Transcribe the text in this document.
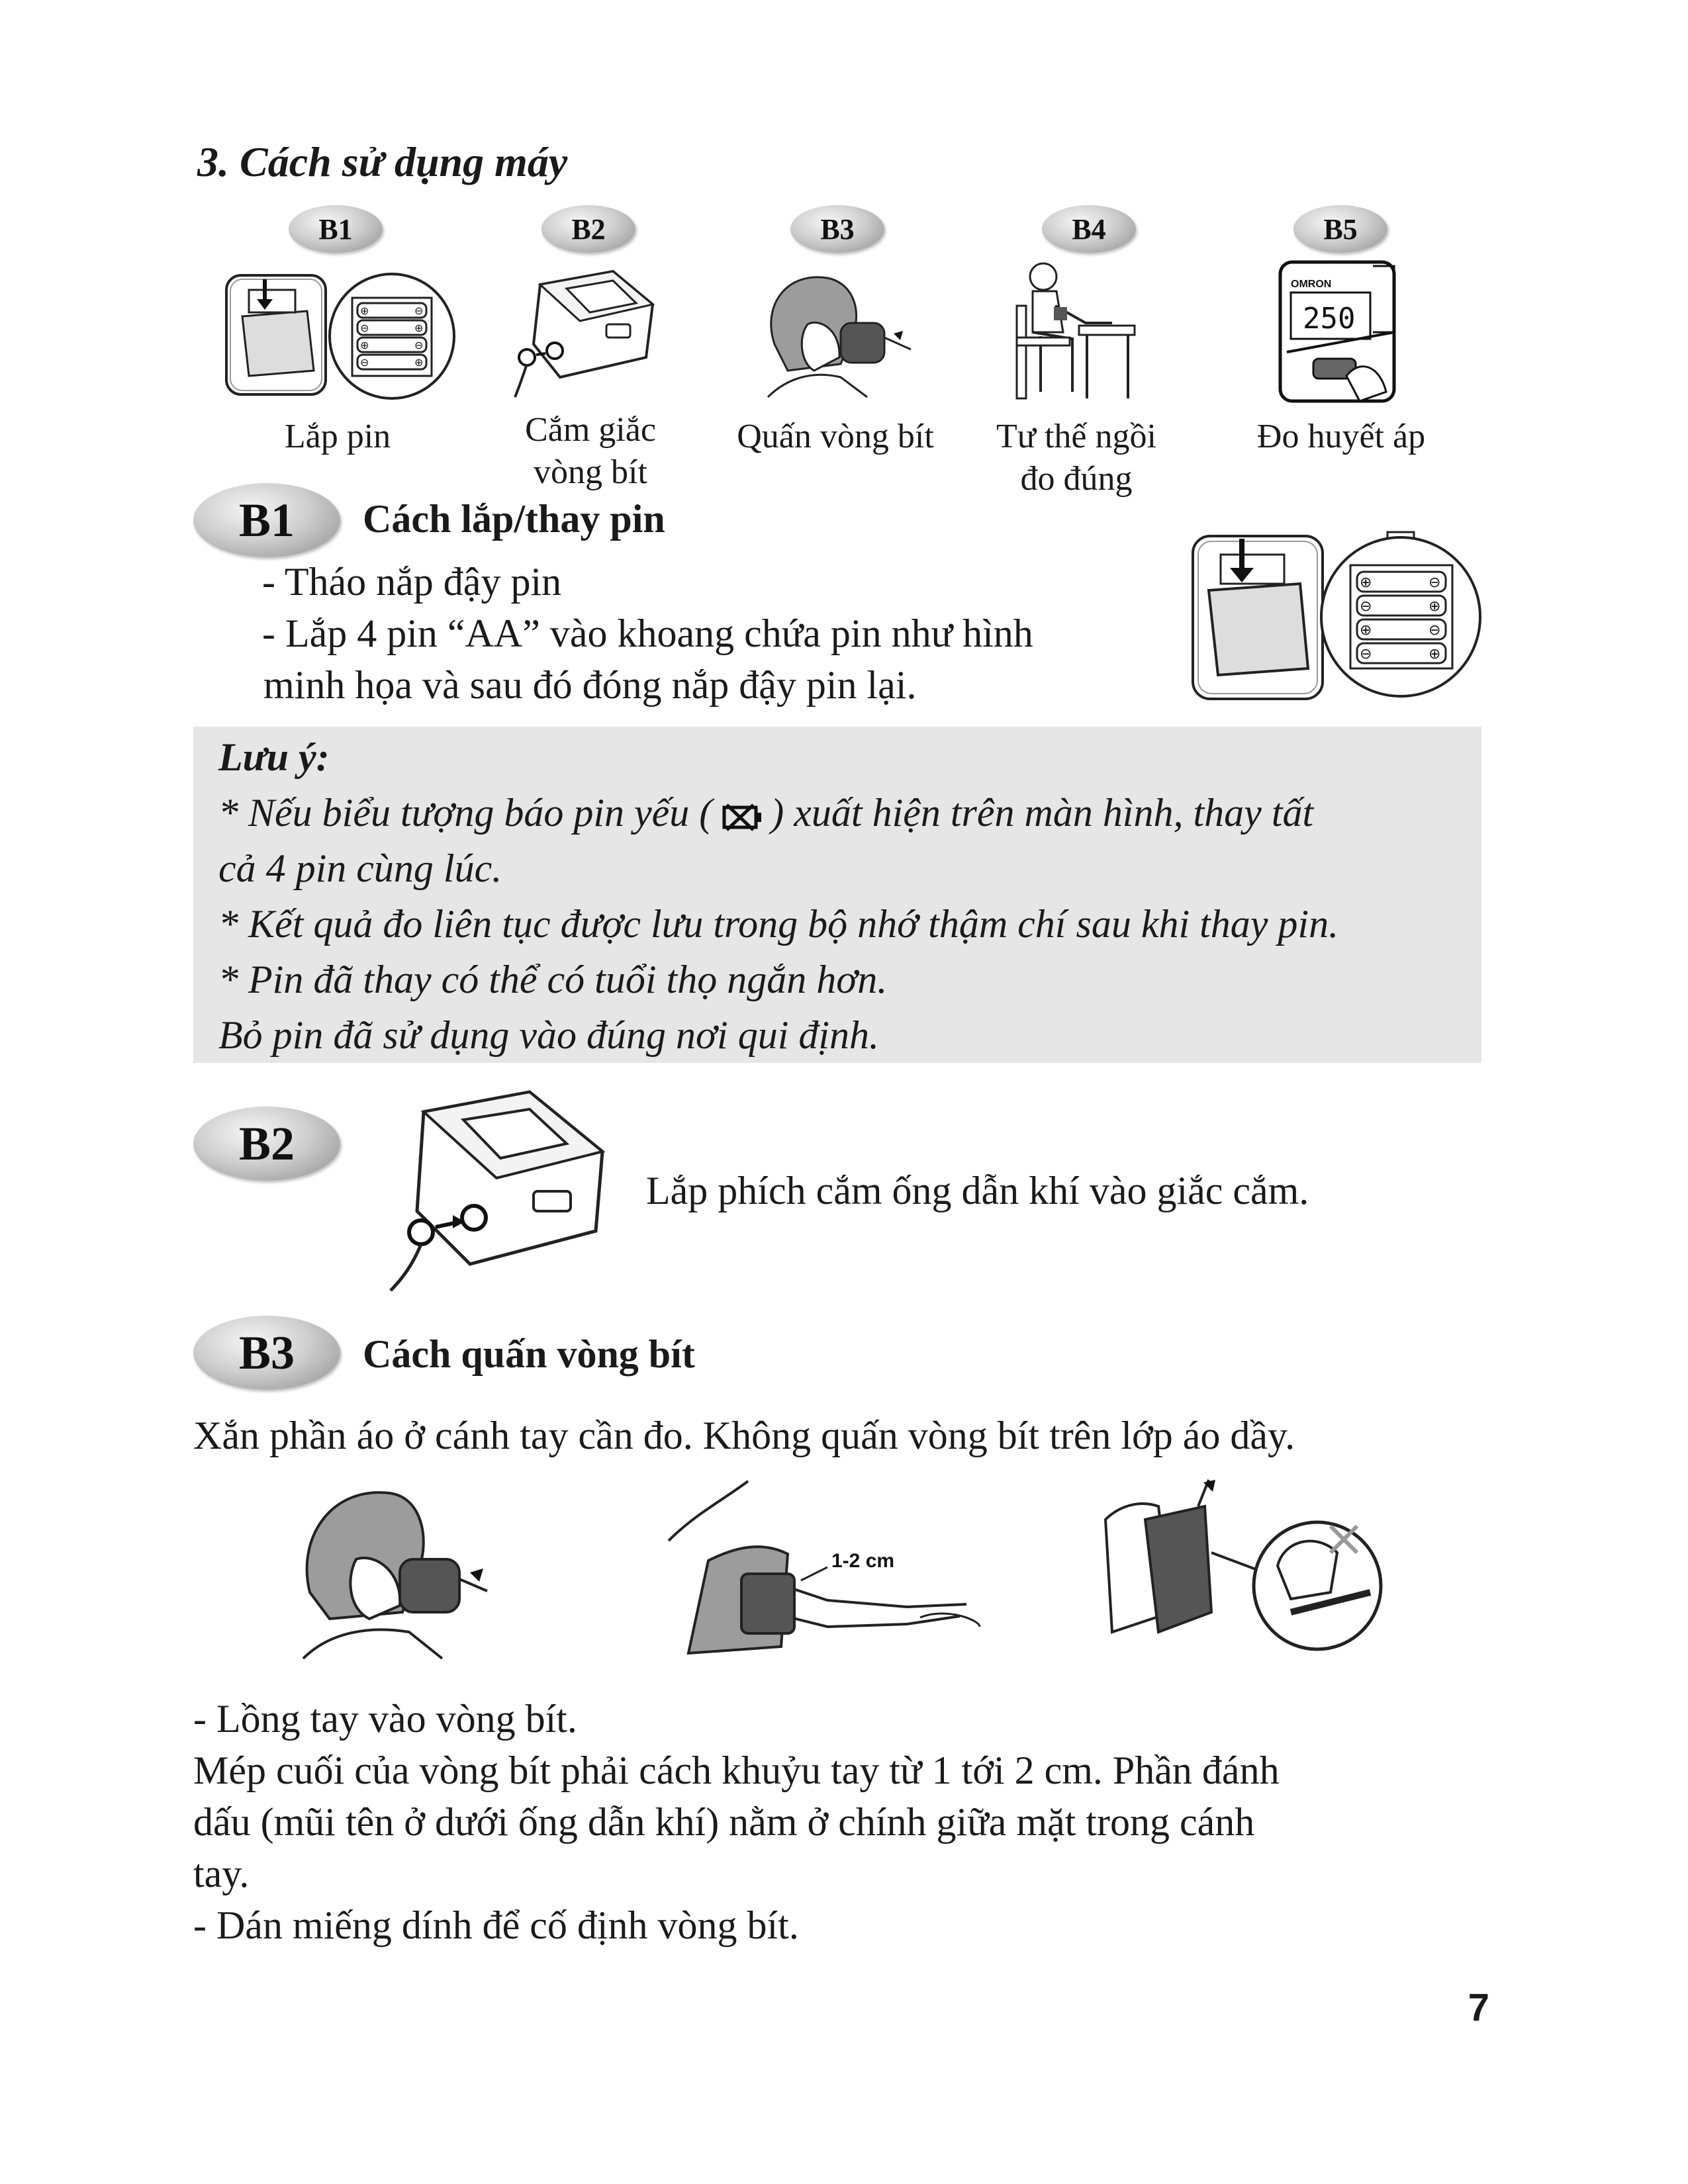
3. Cách sử dụng máy
B1	B2	B3	B4	B5
⊕	⊖
⊖	⊕
⊕	⊖
⊖	⊕
OMRON
250
Lắp pin	Cắm giắc
vòng bít
Quấn vòng bít	Tư thế ngồi
đo đúng
Đo huyết áp
B1	Cách lắp/thay pin
- Tháo nắp đậy pin
- Lắp 4 pin “AA” vào khoang chứa pin như hình
minh họa và sau đó đóng nắp đậy pin lại.
⊕	⊖
⊖	⊕
⊕	⊖
⊖	⊕
Lưu ý:
* Nếu biểu tượng báo pin yếu ( ) xuất hiện trên màn hình, thay tất
cả 4 pin cùng lúc.
* Kết quả đo liên tục được lưu trong bộ nhớ thậm chí sau khi thay pin.
* Pin đã thay có thể có tuổi thọ ngắn hơn.
Bỏ pin đã sử dụng vào đúng nơi qui định.
B2
Lắp phích cắm ống dẫn khí vào giắc cắm.
B3	Cách quấn vòng bít
Xắn phần áo ở cánh tay cần đo. Không quấn vòng bít trên lớp áo dầy.
1-2 cm
- Lồng tay vào vòng bít.
Mép cuối của vòng bít phải cách khuỷu tay từ 1 tới 2 cm. Phần đánh
dấu (mũi tên ở dưới ống dẫn khí) nằm ở chính giữa mặt trong cánh
tay.
- Dán miếng dính để cố định vòng bít.
7
